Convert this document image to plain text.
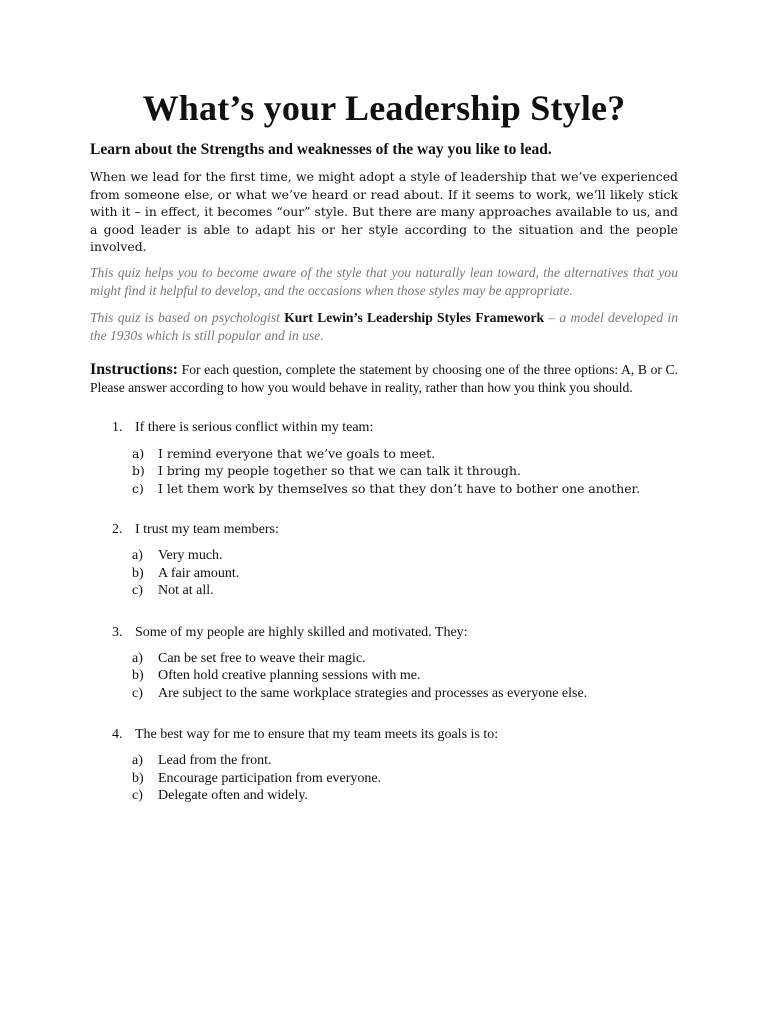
What’s your Leadership Style?

Learn about the Strengths and weaknesses of the way you like to lead.

When we lead for the first time, we might adopt a style of leadership that we’ve experienced from someone else, or what we’ve heard or read about. If it seems to work, we’ll likely stick with it – in effect, it becomes “our” style. But there are many approaches available to us, and a good leader is able to adapt his or her style according to the situation and the people involved.

This quiz helps you to become aware of the style that you naturally lean toward, the alternatives that you might find it helpful to develop, and the occasions when those styles may be appropriate.

This quiz is based on psychologist Kurt Lewin’s Leadership Styles Framework – a model developed in the 1930s which is still popular and in use.

Instructions: For each question, complete the statement by choosing one of the three options: A, B or C. Please answer according to how you would behave in reality, rather than how you think you should.

1. If there is serious conflict within my team:
a)	I remind everyone that we’ve goals to meet.
b)	I bring my people together so that we can talk it through.
c)	I let them work by themselves so that they don’t have to bother one another.
2. I trust my team members:
a)	Very much.
b)	A fair amount.
c)	Not at all.
3. Some of my people are highly skilled and motivated. They:
a)	Can be set free to weave their magic.
b)	Often hold creative planning sessions with me.
c)	Are subject to the same workplace strategies and processes as everyone else.
4. The best way for me to ensure that my team meets its goals is to:
a)	Lead from the front.
b)	Encourage participation from everyone.
c)	Delegate often and widely.
